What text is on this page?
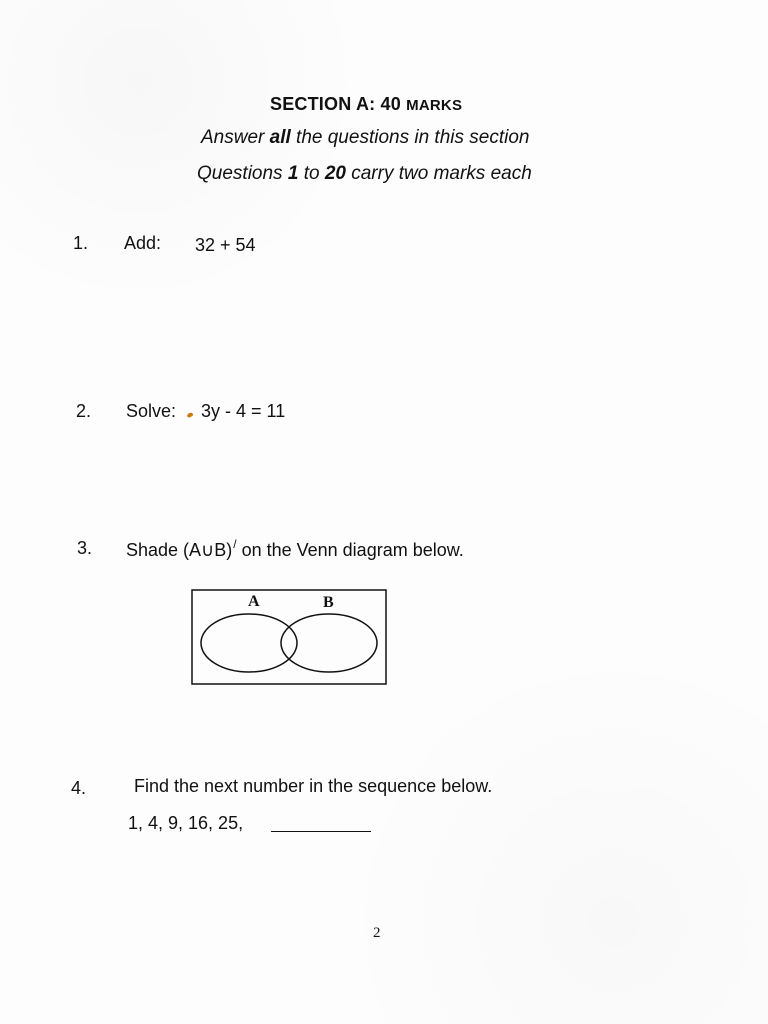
SECTION A: 40 MARKS
Answer all the questions in this section
Questions 1 to 20 carry two marks each
1. Add: 32 + 54
2. Solve: 3y - 4 = 11
3. Shade (A∪B)/ on the Venn diagram below.
A	B
4.	Find the next number in the sequence below.
1, 4, 9, 16, 25,
2
